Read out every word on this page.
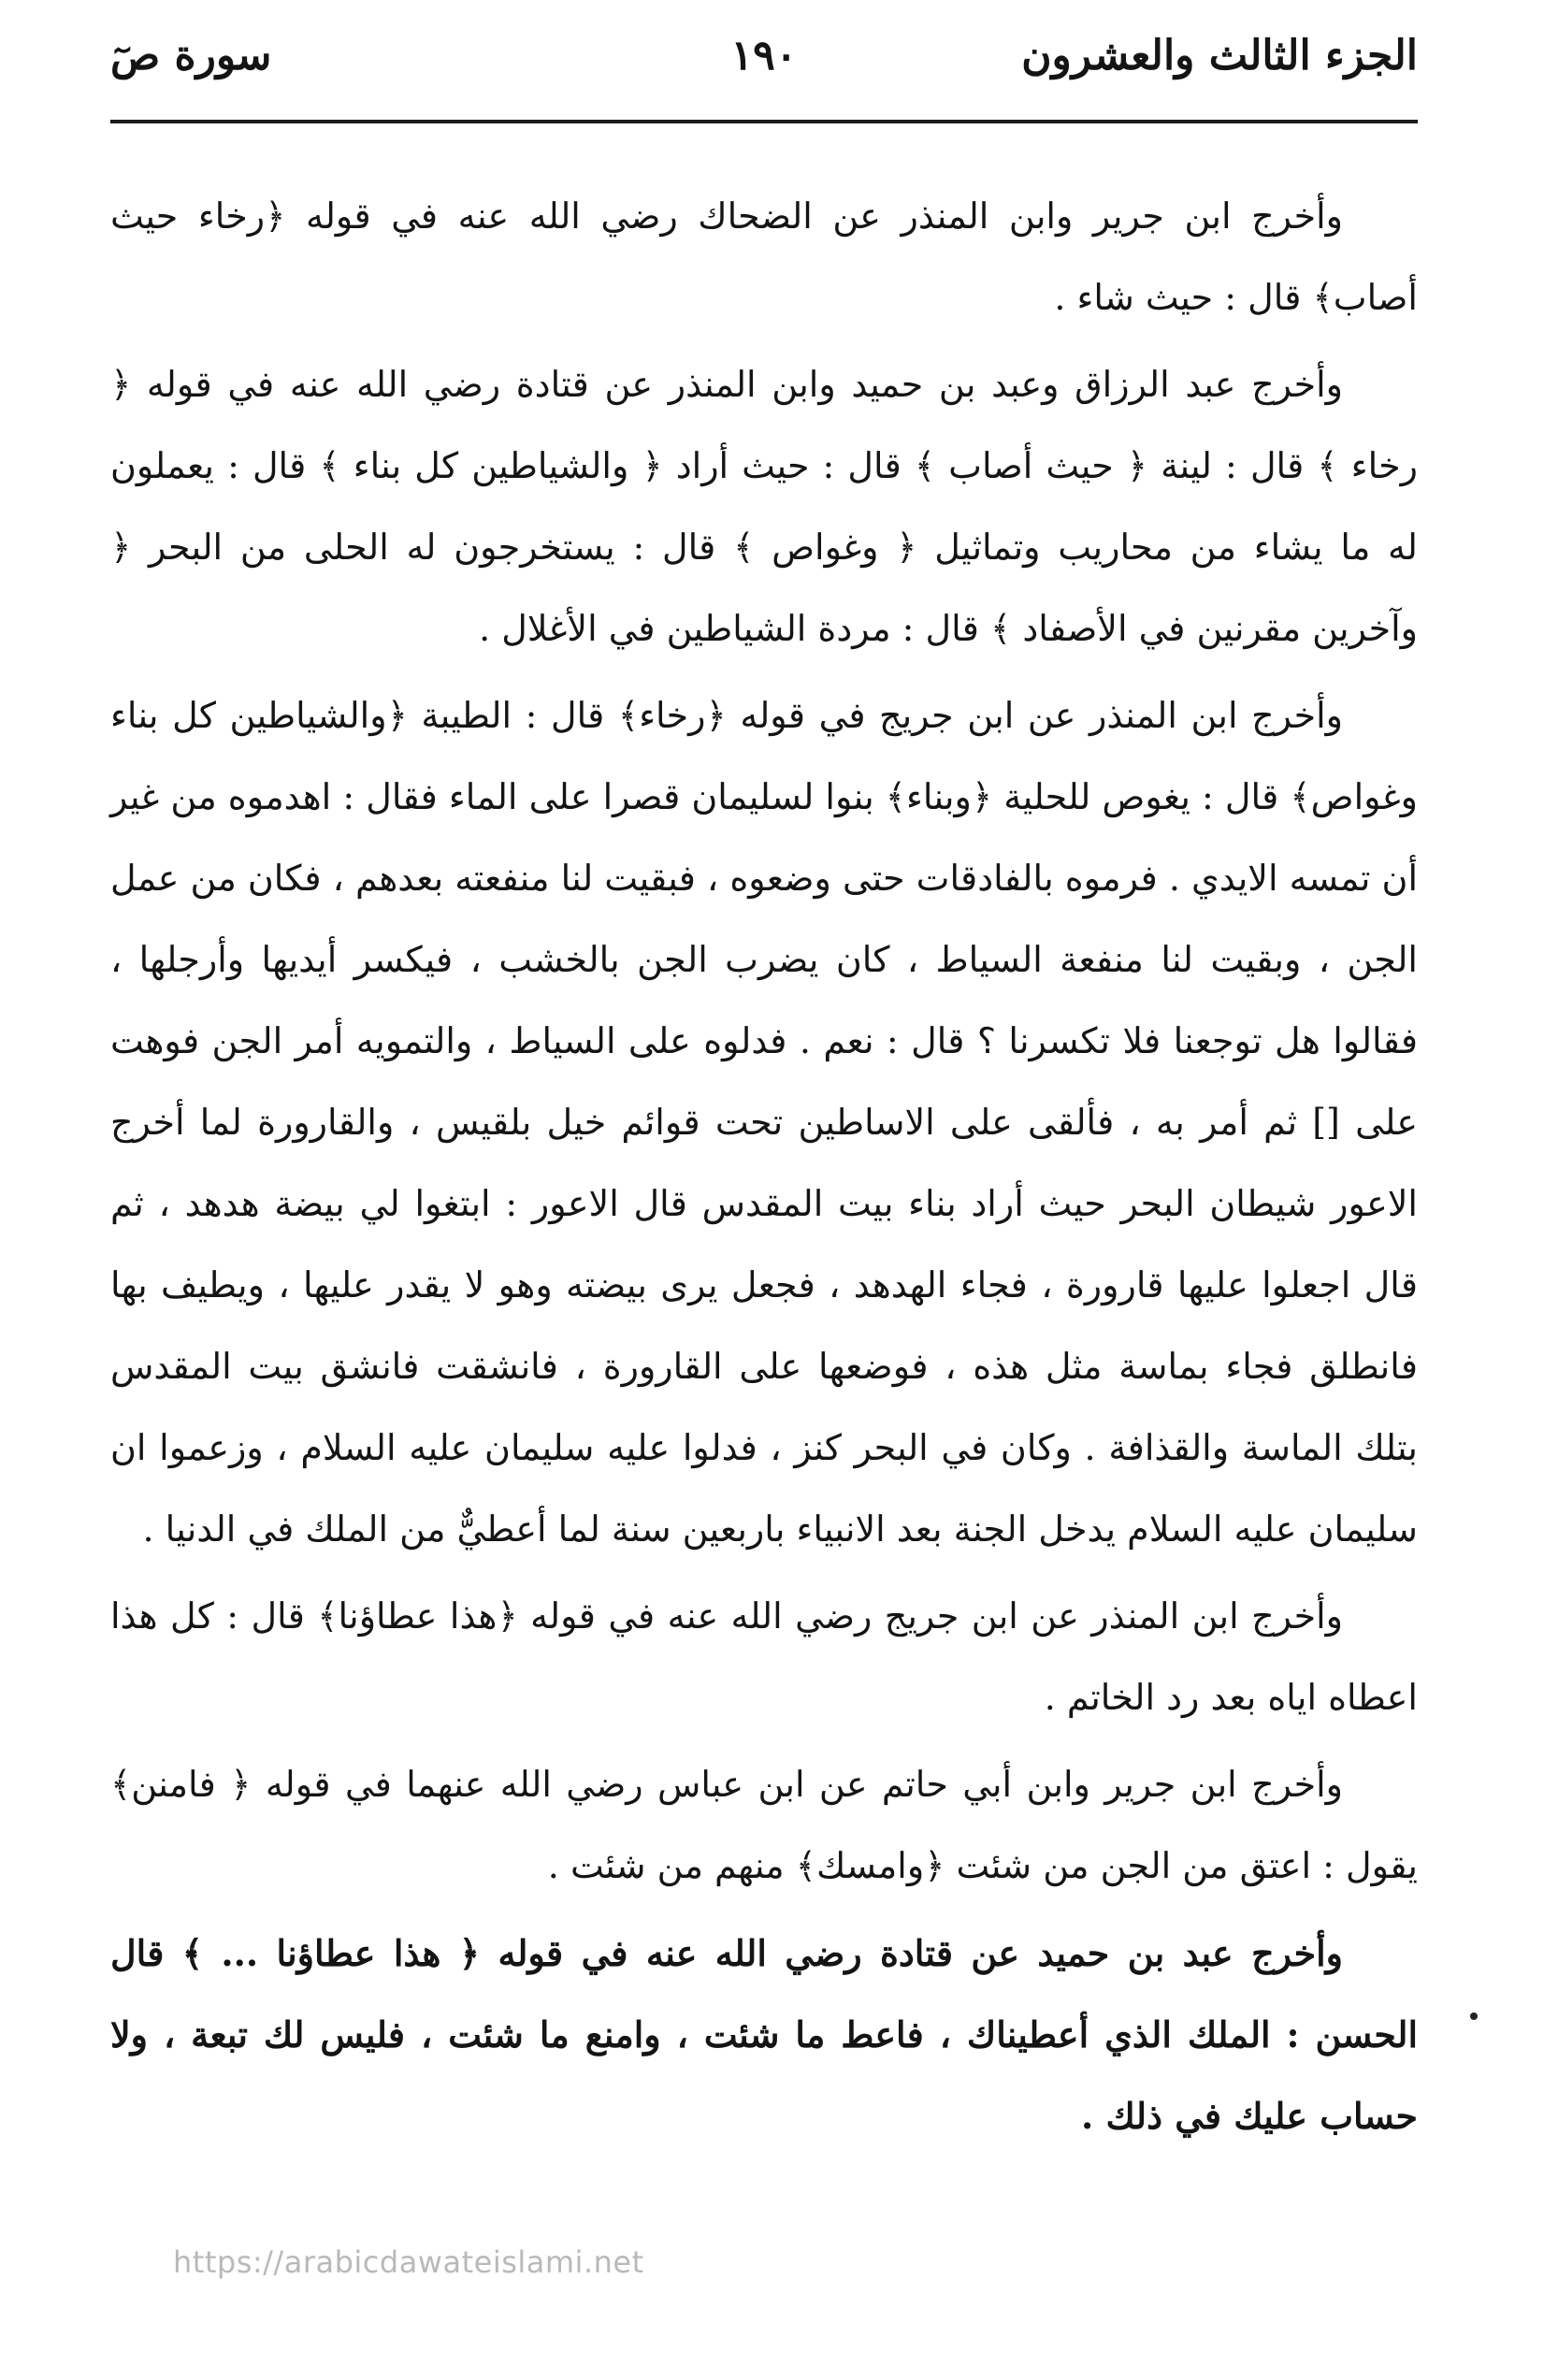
الجزء الثالث والعشرون
١٩٠
سورة صٓ

وأخرج ابن جرير وابن المنذر عن الضحاك رضي الله عنه في قوله ﴿رخاء حيث أصاب﴾ قال : حيث شاء .

وأخرج عبد الرزاق وعبد بن حميد وابن المنذر عن قتادة رضي الله عنه في قوله ﴿ رخاء ﴾ قال : لينة ﴿ حيث أصاب ﴾ قال : حيث أراد ﴿ والشياطين كل بناء ﴾ قال : يعملون له ما يشاء من محاريب وتماثيل ﴿ وغواص ﴾ قال : يستخرجون له الحلى من البحر ﴿ وآخرين مقرنين في الأصفاد ﴾ قال : مردة الشياطين في الأغلال .

وأخرج ابن المنذر عن ابن جريج في قوله ﴿رخاء﴾ قال : الطيبة ﴿والشياطين كل بناء وغواص﴾ قال : يغوص للحلية ﴿وبناء﴾ بنوا لسليمان قصرا على الماء فقال : اهدموه من غير أن تمسه الايدي . فرموه بالفادقات حتى وضعوه ، فبقيت لنا منفعته بعدهم ، فكان من عمل الجن ، وبقيت لنا منفعة السياط ، كان يضرب الجن بالخشب ، فيكسر أيديها وأرجلها ، فقالوا هل توجعنا فلا تكسرنا ؟ قال : نعم . فدلوه على السياط ، والتمويه أمر الجن فوهت على [] ثم أمر به ، فألقى على الاساطين تحت قوائم خيل بلقيس ، والقارورة لما أخرج الاعور شيطان البحر حيث أراد بناء بيت المقدس قال الاعور : ابتغوا لي بيضة هدهد ، ثم قال اجعلوا عليها قارورة ، فجاء الهدهد ، فجعل يرى بيضته وهو لا يقدر عليها ، ويطيف بها فانطلق فجاء بماسة مثل هذه ، فوضعها على القارورة ، فانشقت فانشق بيت المقدس بتلك الماسة والقذافة . وكان في البحر كنز ، فدلوا عليه سليمان عليه السلام ، وزعموا ان سليمان عليه السلام يدخل الجنة بعد الانبياء باربعين سنة لما أعطيٌّ من الملك في الدنيا .

وأخرج ابن المنذر عن ابن جريج رضي الله عنه في قوله ﴿هذا عطاؤنا﴾ قال : كل هذا اعطاه اياه بعد رد الخاتم .

وأخرج ابن جرير وابن أبي حاتم عن ابن عباس رضي الله عنهما في قوله ﴿ فامنن﴾ يقول : اعتق من الجن من شئت ﴿وامسك﴾ منهم من شئت .

وأخرج عبد بن حميد عن قتادة رضي الله عنه في قوله ﴿ هذا عطاؤنا ... ﴾ قال الحسن : الملك الذي أعطيناك ، فاعط ما شئت ، وامنع ما شئت ، فليس لك تبعة ، ولا حساب عليك في ذلك .

https://arabicdawateislami.net
